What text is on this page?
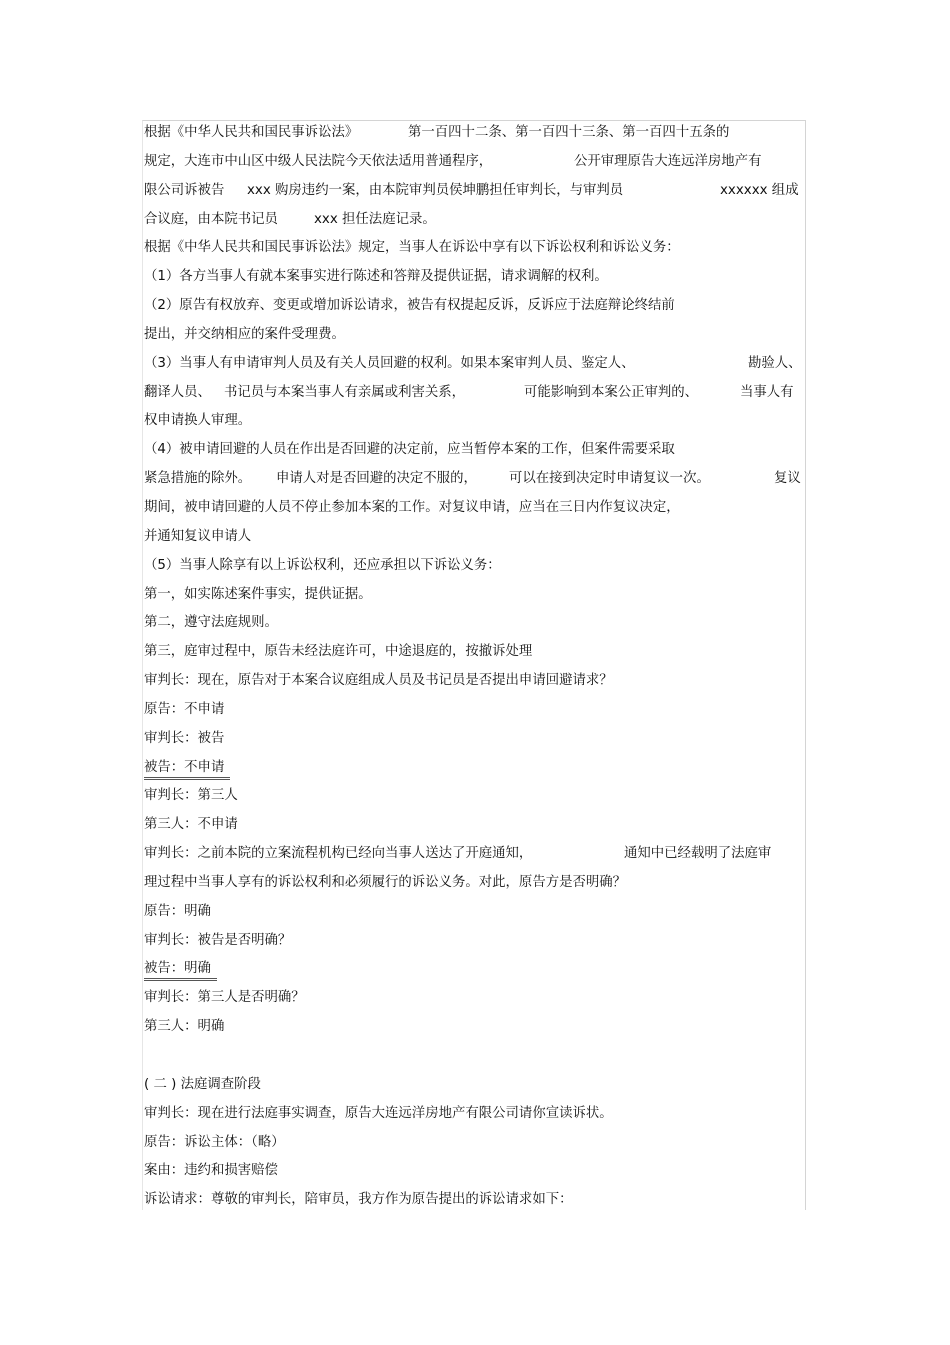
根据《中华人民共和国民事诉讼法》	第一百四十二条、第一百四十三条、第一百四十五条的
规定，大连市中山区中级人民法院今天依法适用普通程序，	公开审理原告大连远洋房地产有
限公司诉被告 xxx 购房违约一案，由本院审判员侯坤鹏担任审判长，与审判员	xxxxxx 组成
合议庭，由本院书记员	xxx 担任法庭记录。
根据《中华人民共和国民事诉讼法》规定，当事人在诉讼中享有以下诉讼权利和诉讼义务：
（1）各方当事人有就本案事实进行陈述和答辩及提供证据，请求调解的权利。
（2）原告有权放弃、变更或增加诉讼请求，被告有权提起反诉，反诉应于法庭辩论终结前
提出，并交纳相应的案件受理费。
（3）当事人有申请审判人员及有关人员回避的权利。如果本案审判人员、鉴定人、	勘验人、
翻译人员、 书记员与本案当事人有亲属或利害关系，	可能影响到本案公正审判的、	当事人有
权申请换人审理。
（4）被申请回避的人员在作出是否回避的决定前，应当暂停本案的工作，但案件需要采取
紧急措施的除外。 申请人对是否回避的决定不服的， 可以在接到决定时申请复议一次。	复议
期间，被申请回避的人员不停止参加本案的工作。对复议申请，应当在三日内作复议决定，
并通知复议申请人
（5）当事人除享有以上诉讼权利，还应承担以下诉讼义务：
第一，如实陈述案件事实，提供证据。
第二，遵守法庭规则。
第三，庭审过程中，原告未经法庭许可，中途退庭的，按撤诉处理
审判长：现在，原告对于本案合议庭组成人员及书记员是否提出申请回避请求？
原告：不申请
审判长：被告
被告：不申请
审判长：第三人
第三人：不申请
审判长：之前本院的立案流程机构已经向当事人送达了开庭通知，	通知中已经载明了法庭审
理过程中当事人享有的诉讼权利和必须履行的诉讼义务。对此，原告方是否明确？
原告：明确
审判长：被告是否明确？
被告：明确
审判长：第三人是否明确？
第三人：明确
( 二 ) 法庭调查阶段
审判长：现在进行法庭事实调查，原告大连远洋房地产有限公司请你宣读诉状。
原告：诉讼主体：（略）
案由：违约和损害赔偿
诉讼请求：尊敬的审判长，陪审员，我方作为原告提出的诉讼请求如下：
